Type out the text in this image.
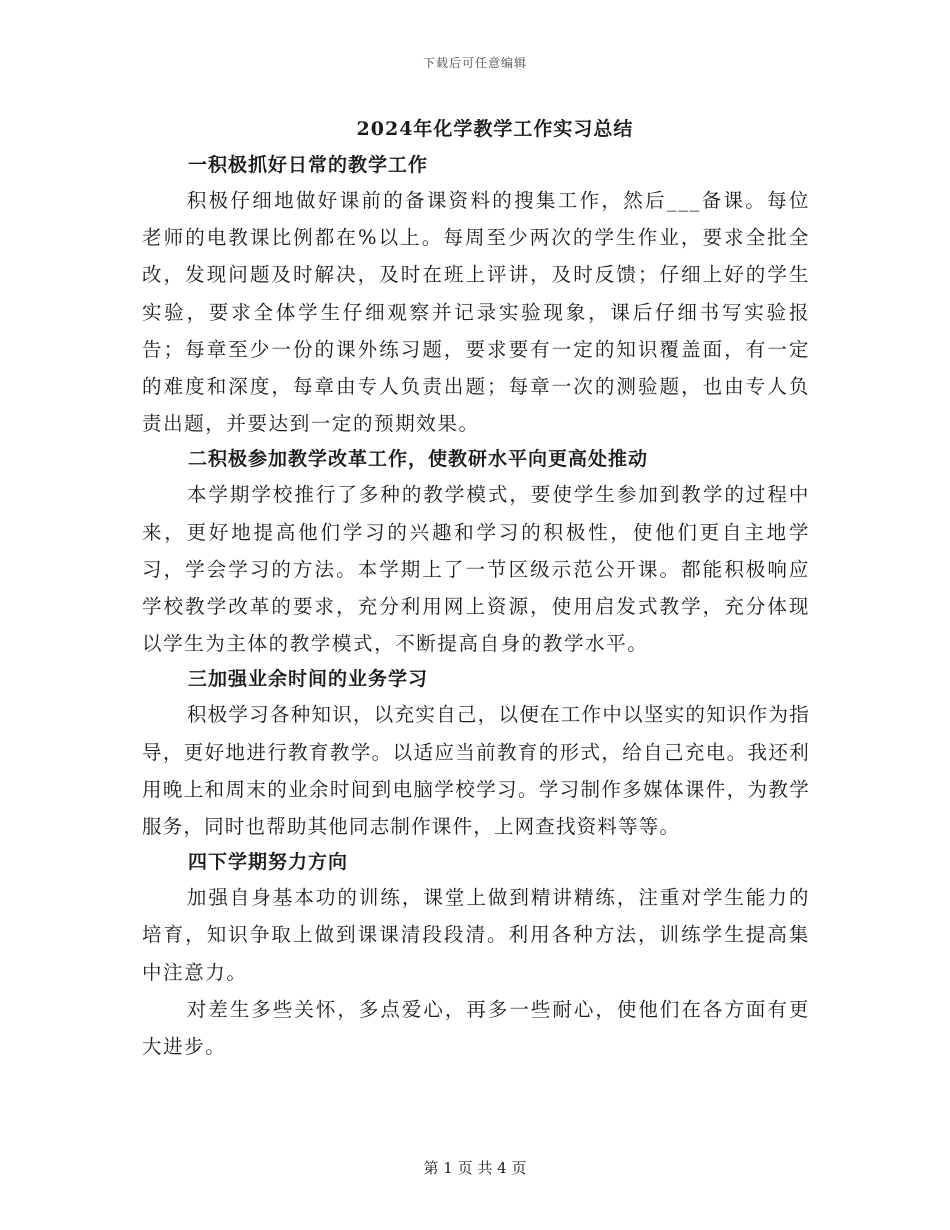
下载后可任意编辑
2024年化学教学工作实习总结
一积极抓好日常的教学工作

积极仔细地做好课前的备课资料的搜集工作，然后___备课。每位老师的电教课比例都在%以上。每周至少两次的学生作业，要求全批全改，发现问题及时解决，及时在班上评讲，及时反馈；仔细上好的学生实验，要求全体学生仔细观察并记录实验现象，课后仔细书写实验报告；每章至少一份的课外练习题，要求要有一定的知识覆盖面，有一定的难度和深度，每章由专人负责出题；每章一次的测验题，也由专人负责出题，并要达到一定的预期效果。

二积极参加教学改革工作，使教研水平向更高处推动

本学期学校推行了多种的教学模式，要使学生参加到教学的过程中来，更好地提高他们学习的兴趣和学习的积极性，使他们更自主地学习，学会学习的方法。本学期上了一节区级示范公开课。都能积极响应学校教学改革的要求，充分利用网上资源，使用启发式教学，充分体现以学生为主体的教学模式，不断提高自身的教学水平。

三加强业余时间的业务学习

积极学习各种知识，以充实自己，以便在工作中以坚实的知识作为指导，更好地进行教育教学。以适应当前教育的形式，给自己充电。我还利用晚上和周末的业余时间到电脑学校学习。学习制作多媒体课件，为教学服务，同时也帮助其他同志制作课件，上网查找资料等等。

四下学期努力方向

加强自身基本功的训练，课堂上做到精讲精练，注重对学生能力的培育，知识争取上做到课课清段段清。利用各种方法，训练学生提高集中注意力。

对差生多些关怀，多点爱心，再多一些耐心，使他们在各方面有更大进步。

第 1 页 共 4 页
